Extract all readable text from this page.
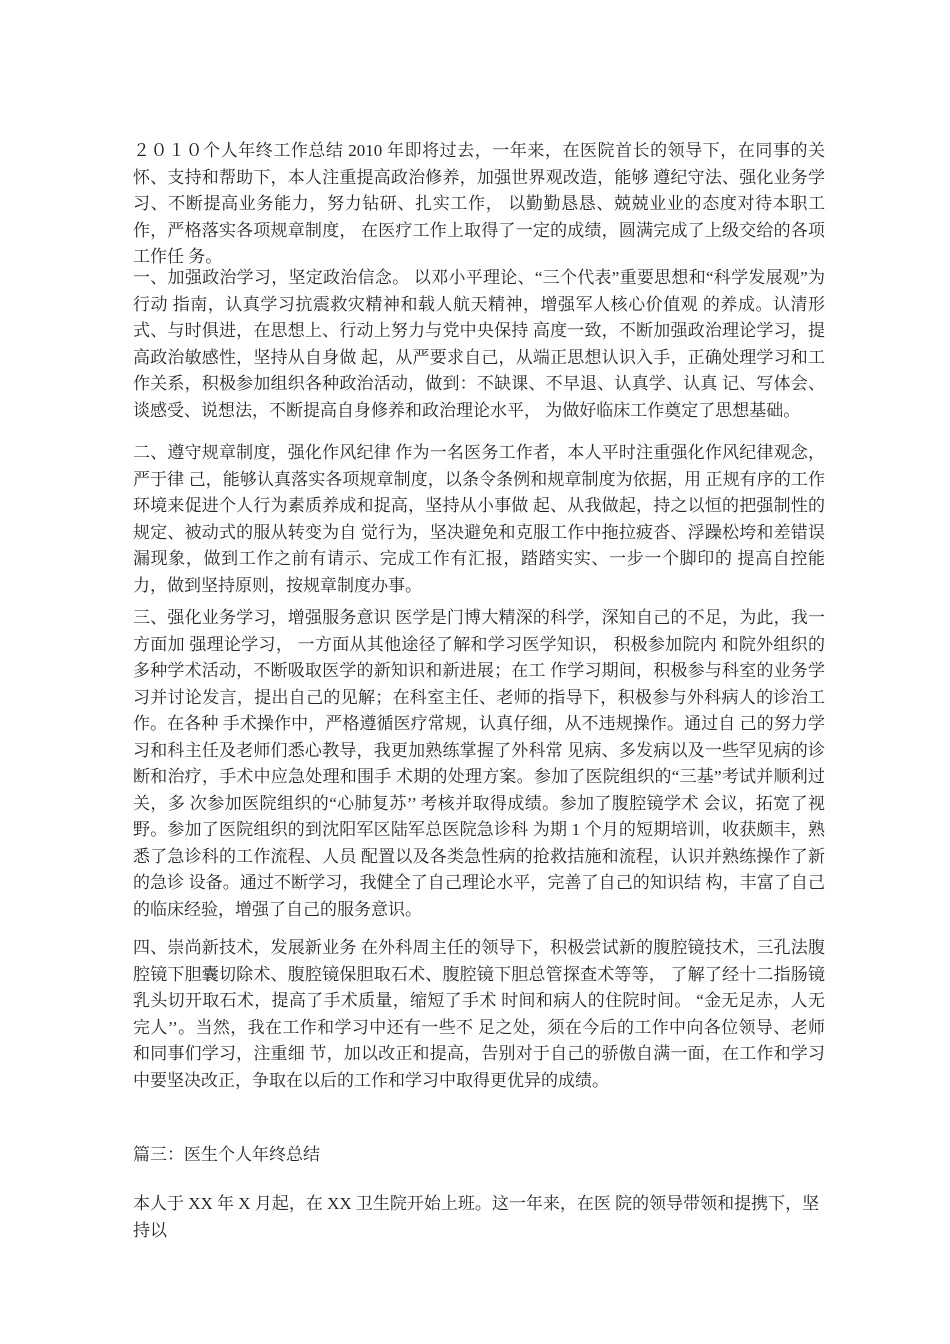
２０１０个人年终工作总结 2010 年即将过去，一年来，在医院首长的领导下，在同事的关 怀、支持和帮助下，本人注重提高政治修养，加强世界观改造，能够 遵纪守法、强化业务学习、不断提高业务能力，努力钻研、扎实工作， 以勤勤恳恳、兢兢业业的态度对待本职工作，严格落实各项规章制度， 在医疗工作上取得了一定的成绩，圆满完成了上级交给的各项工作任 务。

一、加强政治学习，坚定政治信念。 以邓小平理论、“三个代表”重要思想和“科学发展观”为行动 指南，认真学习抗震救灾精神和载人航天精神，增强军人核心价值观 的养成。认清形式、与时俱进，在思想上、行动上努力与党中央保持 高度一致，不断加强政治理论学习，提高政治敏感性，坚持从自身做 起，从严要求自己，从端正思想认识入手，正确处理学习和工作关系，积极参加组织各种政治活动，做到：不缺课、不早退、认真学、认真 记、写体会、谈感受、说想法，不断提高自身修养和政治理论水平， 为做好临床工作奠定了思想基础。

二、遵守规章制度，强化作风纪律 作为一名医务工作者，本人平时注重强化作风纪律观念，严于律 己，能够认真落实各项规章制度，以条令条例和规章制度为依据，用 正规有序的工作环境来促进个人行为素质养成和捉高，坚持从小事做 起、从我做起，持之以恒的把强制性的规定、被动式的服从转变为自 觉行为，坚决避免和克服工作中拖拉疲沓、浮躁松垮和差错误漏现象，做到工作之前有请示、完成工作有汇报，踏踏实实、一步一个脚印的 提高自控能力，做到坚持原则，按规章制度办事。

三、强化业务学习，增强服务意识 医学是门博大精深的科学，深知自己的不足，为此，我一方面加 强理论学习， 一方面从其他途径了解和学习医学知识， 积极参加院内 和院外组织的多种学术活动，不断吸取医学的新知识和新进展；在工 作学习期间，积极参与科室的业务学习并讨论发言，提出自己的见解；在科室主任、老师的指导下，积极参与外科病人的诊治工作。在各种 手术操作中，严格遵循医疗常规，认真仔细，从不违规操作。通过自 己的努力学习和科主任及老师们悉心教导，我更加熟练掌握了外科常 见病、多发病以及一些罕见病的诊断和治疗，手术中应急处理和围手 术期的处理方案。参加了医院组织的“三基”考试并顺利过关，多 次参加医院组织的“心肺复苏’’ 考核并取得成绩。参加了腹腔镜学术 会议，拓宽了视野。参加了医院组织的到沈阳军区陆军总医院急诊科 为期 1 个月的短期培训，收获颇丰，熟悉了急诊科的工作流程、人员 配置以及各类急性病的抢救拮施和流程，认识并熟练操作了新的急诊 设备。通过不断学习，我健全了自己理论水平，完善了自己的知识结 构，丰富了自己的临床经验，增强了自己的服务意识。

四、崇尚新技术，发展新业务 在外科周主任的领导下，积极尝试新的腹腔镜技术，三孔法腹腔镜下胆囊切除术、腹腔镜保胆取石术、腹腔镜下胆总管探查术等等， 了解了经十二指肠镜乳头切开取石术，提高了手术质量，缩短了手术 时间和病人的住院时间。 “金无足赤，人无 完人’’。当然，我在工作和学习中还有一些不 足之处，须在今后的工作中向各位领导、老师和同事们学习，注重细 节，加以改正和提高，告别对于自己的骄傲自满一面，在工作和学习中要坚决改正，争取在以后的工作和学习中取得更优异的成绩。

篇三：医生个人年终总结

本人于 XX 年 X 月起，在 XX 卫生院开始上班。这一年来，在医 院的领导带领和提携下，坚持以
